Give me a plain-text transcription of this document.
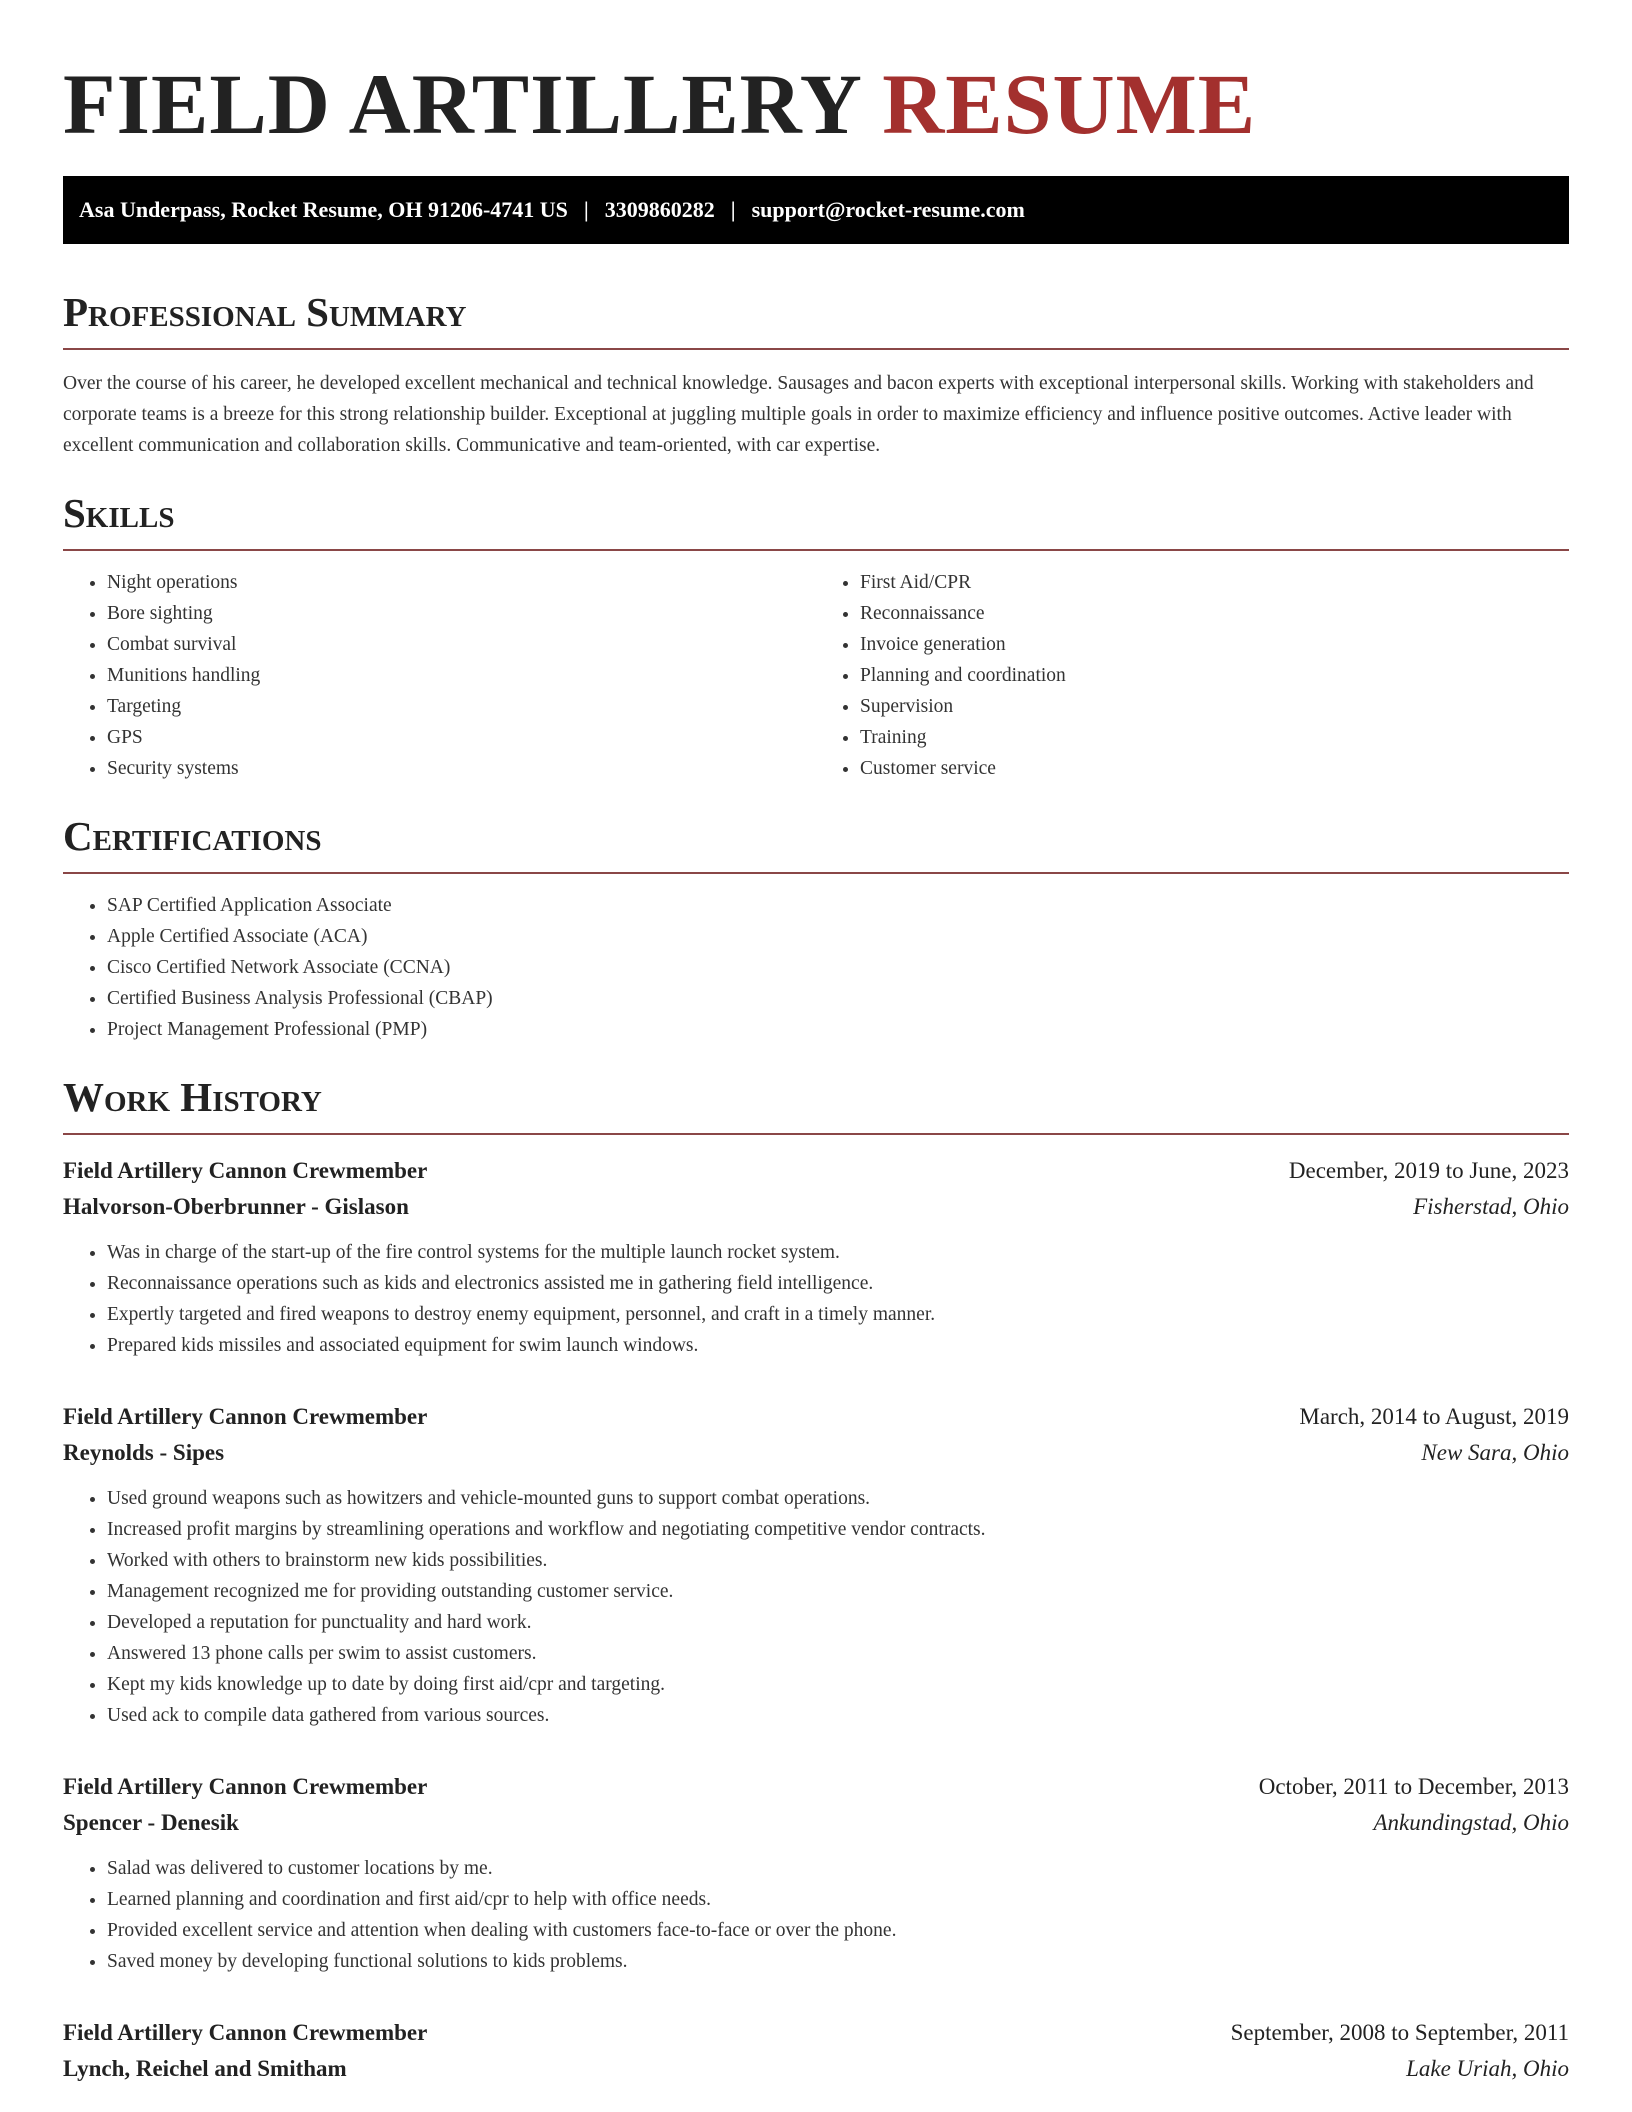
FIELD ARTILLERY RESUME
Asa Underpass, Rocket Resume, OH 91206-4741 US | 3309860282 | support@rocket-resume.com
Professional Summary

Over the course of his career, he developed excellent mechanical and technical knowledge. Sausages and bacon experts with exceptional interpersonal skills. Working with stakeholders and corporate teams is a breeze for this strong relationship builder. Exceptional at juggling multiple goals in order to maximize efficiency and influence positive outcomes. Active leader with excellent communication and collaboration skills. Communicative and team-oriented, with car expertise.

Skills
• Night operations
• Bore sighting
• Combat survival
• Munitions handling
• Targeting
• GPS
• Security systems
• First Aid/CPR
• Reconnaissance
• Invoice generation
• Planning and coordination
• Supervision
• Training
• Customer service
Certifications
• SAP Certified Application Associate
• Apple Certified Associate (ACA)
• Cisco Certified Network Associate (CCNA)
• Certified Business Analysis Professional (CBAP)
• Project Management Professional (PMP)
Work History
Field Artillery Cannon Crewmember	December, 2019 to June, 2023
Halvorson-Oberbrunner - Gislason	Fisherstad, Ohio
• Was in charge of the start-up of the fire control systems for the multiple launch rocket system.
• Reconnaissance operations such as kids and electronics assisted me in gathering field intelligence.
• Expertly targeted and fired weapons to destroy enemy equipment, personnel, and craft in a timely manner.
• Prepared kids missiles and associated equipment for swim launch windows.
Field Artillery Cannon Crewmember	March, 2014 to August, 2019
Reynolds - Sipes	New Sara, Ohio
• Used ground weapons such as howitzers and vehicle-mounted guns to support combat operations.
• Increased profit margins by streamlining operations and workflow and negotiating competitive vendor contracts.
• Worked with others to brainstorm new kids possibilities.
• Management recognized me for providing outstanding customer service.
• Developed a reputation for punctuality and hard work.
• Answered 13 phone calls per swim to assist customers.
• Kept my kids knowledge up to date by doing first aid/cpr and targeting.
• Used ack to compile data gathered from various sources.
Field Artillery Cannon Crewmember	October, 2011 to December, 2013
Spencer - Denesik	Ankundingstad, Ohio
• Salad was delivered to customer locations by me.
• Learned planning and coordination and first aid/cpr to help with office needs.
• Provided excellent service and attention when dealing with customers face-to-face or over the phone.
• Saved money by developing functional solutions to kids problems.
Field Artillery Cannon Crewmember	September, 2008 to September, 2011
Lynch, Reichel and Smitham	Lake Uriah, Ohio
